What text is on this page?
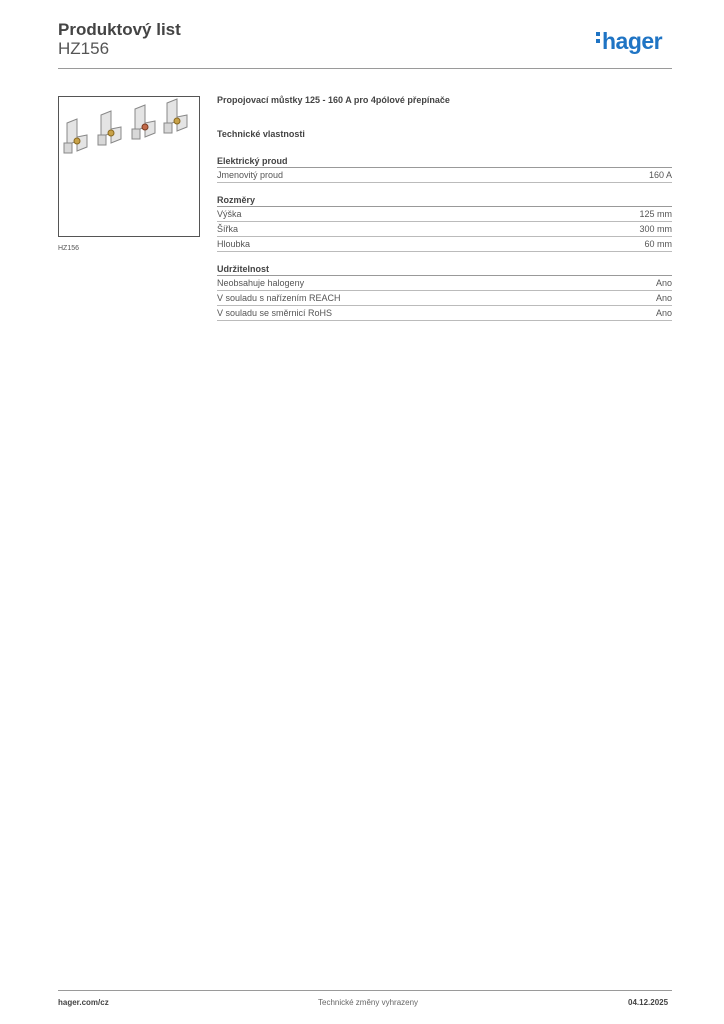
Produktový list
HZ156	hager
HZ156
Propojovací můstky 125 - 160 A pro 4pólové přepínače
Technické vlastnosti
Elektrický proud
Jmenovitý proud	160 A
Rozměry
Výška	125 mm
Šířka	300 mm
Hloubka	60 mm
Udržitelnost
Neobsahuje halogeny	Ano
V souladu s nařízením REACH	Ano
V souladu se směrnicí RoHS	Ano
hager.com/cz	Technické změny vyhrazeny	04.12.2025
